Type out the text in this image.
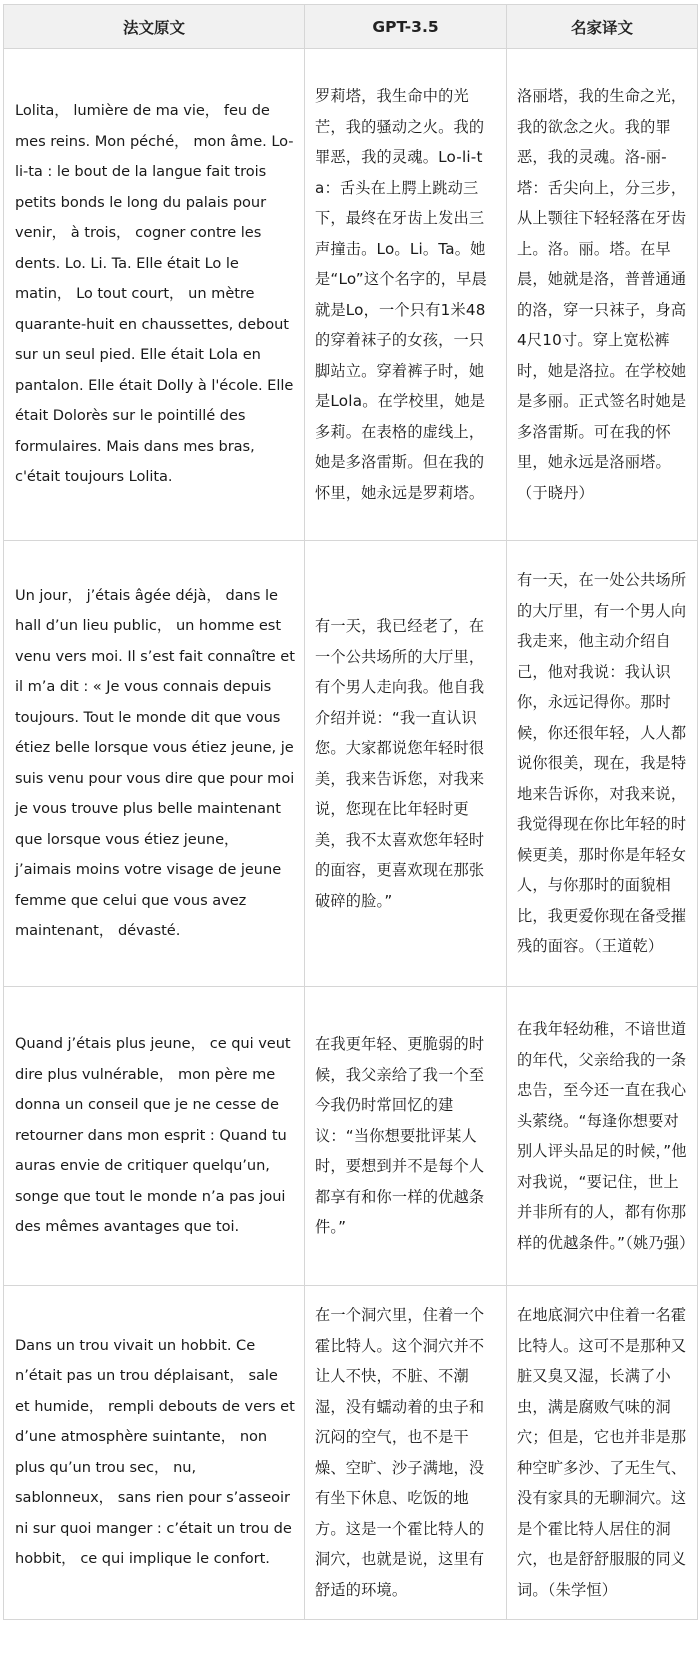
法文原文	GPT-3.5	名家译文
Lolita， lumière de ma vie， feu de mes reins. Mon péché， mon âme. Lo-li-ta : le bout de la langue fait trois petits bonds le long du palais pour venir， à trois， cogner contre les dents. Lo. Li. Ta. Elle était Lo le matin， Lo tout court， un mètre quarante-huit en chaussettes, debout sur un seul pied. Elle était Lola en pantalon. Elle était Dolly à l'école. Elle était Dolorès sur le pointillé des formulaires. Mais dans mes bras, c'était toujours Lolita.	罗莉塔，我生命中的光芒，我的骚动之火。我的罪恶，我的灵魂。Lo-li-ta：舌头在上腭上跳动三下，最终在牙齿上发出三声撞击。Lo。Li。Ta。她是“Lo”这个名字的，早晨就是Lo，一个只有1米48的穿着袜子的女孩，一只脚站立。穿着裤子时，她是Lola。在学校里，她是多莉。在表格的虚线上，她是多洛雷斯。但在我的怀里，她永远是罗莉塔。	洛丽塔，我的生命之光，我的欲念之火。我的罪恶，我的灵魂。洛-丽-塔：舌尖向上，分三步，从上颚往下轻轻落在牙齿上。洛。丽。塔。在早晨，她就是洛，普普通通的洛，穿一只袜子，身高4尺10寸。穿上宽松裤时，她是洛拉。在学校她是多丽。正式签名时她是多洛雷斯。可在我的怀里，她永远是洛丽塔。（于晓丹）
Un jour， j’étais âgée déjà， dans le hall d’un lieu public， un homme est venu vers moi. Il s’est fait connaître et il m’a dit : « Je vous connais depuis toujours. Tout le monde dit que vous étiez belle lorsque vous étiez jeune, je suis venu pour vous dire que pour moi je vous trouve plus belle maintenant que lorsque vous étiez jeune， j’aimais moins votre visage de jeune femme que celui que vous avez maintenant， dévasté.	有一天，我已经老了，在一个公共场所的大厅里，有个男人走向我。他自我介绍并说：“我一直认识您。大家都说您年轻时很美，我来告诉您，对我来说，您现在比年轻时更美，我不太喜欢您年轻时的面容，更喜欢现在那张破碎的脸。”	有一天，在一处公共场所的大厅里，有一个男人向我走来，他主动介绍自己，他对我说：我认识你，永远记得你。那时候，你还很年轻，人人都说你很美，现在，我是特地来告诉你，对我来说，我觉得现在你比年轻的时候更美，那时你是年轻女人，与你那时的面貌相比，我更爱你现在备受摧残的面容。（王道乾）
Quand j’étais plus jeune， ce qui veut dire plus vulnérable， mon père me donna un conseil que je ne cesse de retourner dans mon esprit : Quand tu auras envie de critiquer quelqu’un, songe que tout le monde n’a pas joui des mêmes avantages que toi.	在我更年轻、更脆弱的时候，我父亲给了我一个至今我仍时常回忆的建议：“当你想要批评某人时，要想到并不是每个人都享有和你一样的优越条件。”	在我年轻幼稚，不谙世道的年代，父亲给我的一条忠告，至今还一直在我心头萦绕。“每逢你想要对别人评头品足的时候，”他对我说，“要记住，世上并非所有的人，都有你那样的优越条件。”（姚乃强）
Dans un trou vivait un hobbit. Ce n’était pas un trou déplaisant， sale et humide， rempli debouts de vers et d’une atmosphère suintante， non plus qu’un trou sec， nu, sablonneux， sans rien pour s’asseoir ni sur quoi manger : c’était un trou de hobbit， ce qui implique le confort.	在一个洞穴里，住着一个霍比特人。这个洞穴并不让人不快，不脏、不潮湿，没有蠕动着的虫子和沉闷的空气，也不是干燥、空旷、沙子满地，没有坐下休息、吃饭的地方。这是一个霍比特人的洞穴，也就是说，这里有舒适的环境。	在地底洞穴中住着一名霍比特人。这可不是那种又脏又臭又湿，长满了小虫，满是腐败气味的洞穴；但是，它也并非是那种空旷多沙、了无生气、没有家具的无聊洞穴。这是个霍比特人居住的洞穴，也是舒舒服服的同义词。（朱学恒）
